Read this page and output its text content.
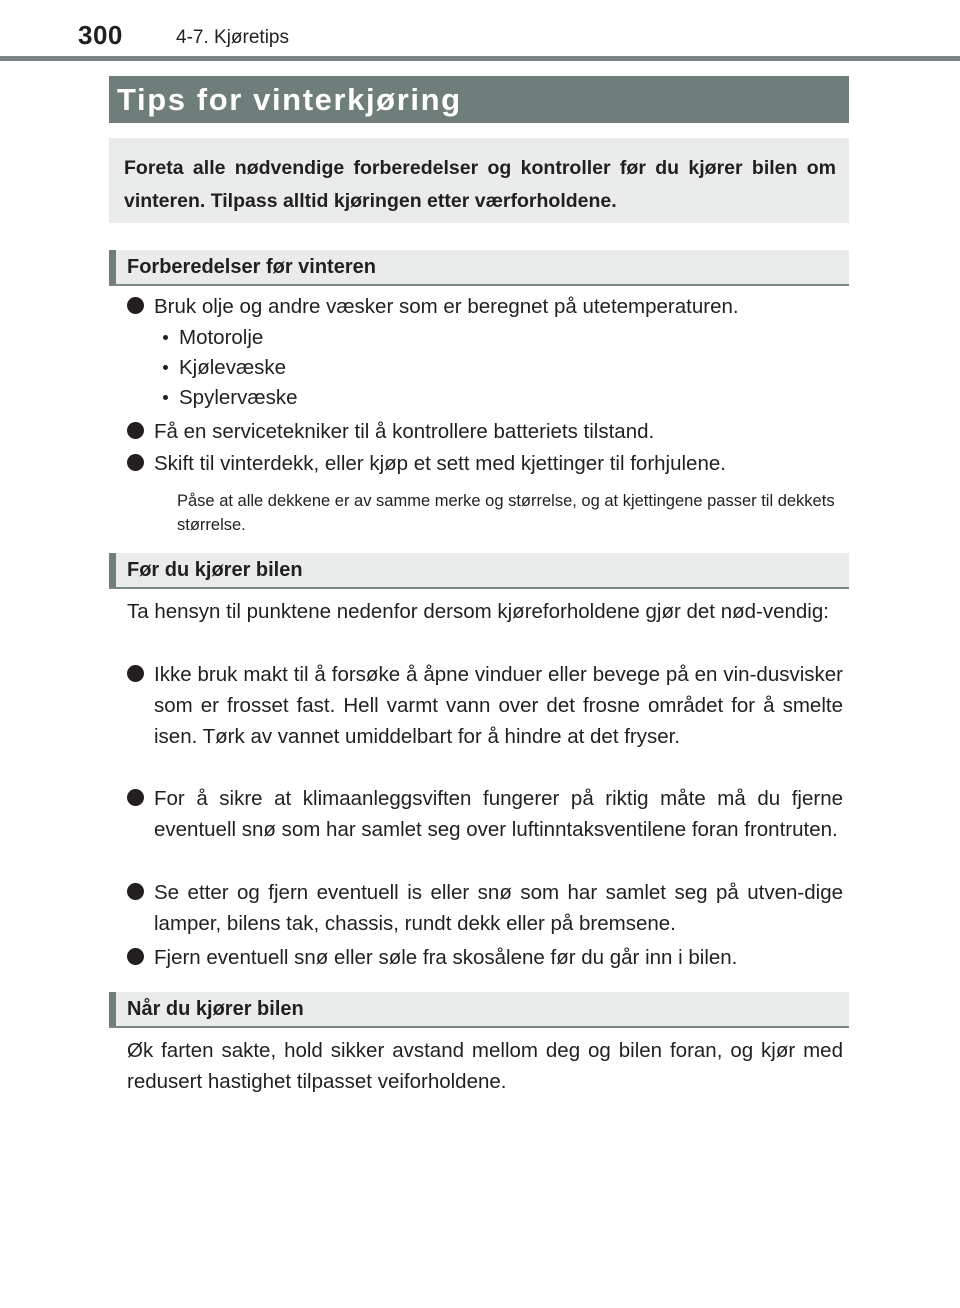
300	4-7. Kjøretips
Tips for vinterkjøring
Foreta alle nødvendige forberedelser og kontroller før du kjører bilen om vinteren. Tilpass alltid kjøringen etter værforholdene.
Forberedelser før vinteren
Bruk olje og andre væsker som er beregnet på utetemperaturen.
Motorolje
Kjølevæske
Spylervæske
Få en servicetekniker til å kontrollere batteriets tilstand.
Skift til vinterdekk, eller kjøp et sett med kjettinger til forhjulene.
Påse at alle dekkene er av samme merke og størrelse, og at kjettingene passer til dekkets størrelse.
Før du kjører bilen
Ta hensyn til punktene nedenfor dersom kjøreforholdene gjør det nød-vendig:
Ikke bruk makt til å forsøke å åpne vinduer eller bevege på en vin-dusvisker som er frosset fast. Hell varmt vann over det frosne området for å smelte isen. Tørk av vannet umiddelbart for å hindre at det fryser.
For å sikre at klimaanleggsviften fungerer på riktig måte må du fjerne eventuell snø som har samlet seg over luftinntaksventilene foran frontruten.
Se etter og fjern eventuell is eller snø som har samlet seg på utven-dige lamper, bilens tak, chassis, rundt dekk eller på bremsene.
Fjern eventuell snø eller søle fra skosålene før du går inn i bilen.
Når du kjører bilen
Øk farten sakte, hold sikker avstand mellom deg og bilen foran, og kjør med redusert hastighet tilpasset veiforholdene.
